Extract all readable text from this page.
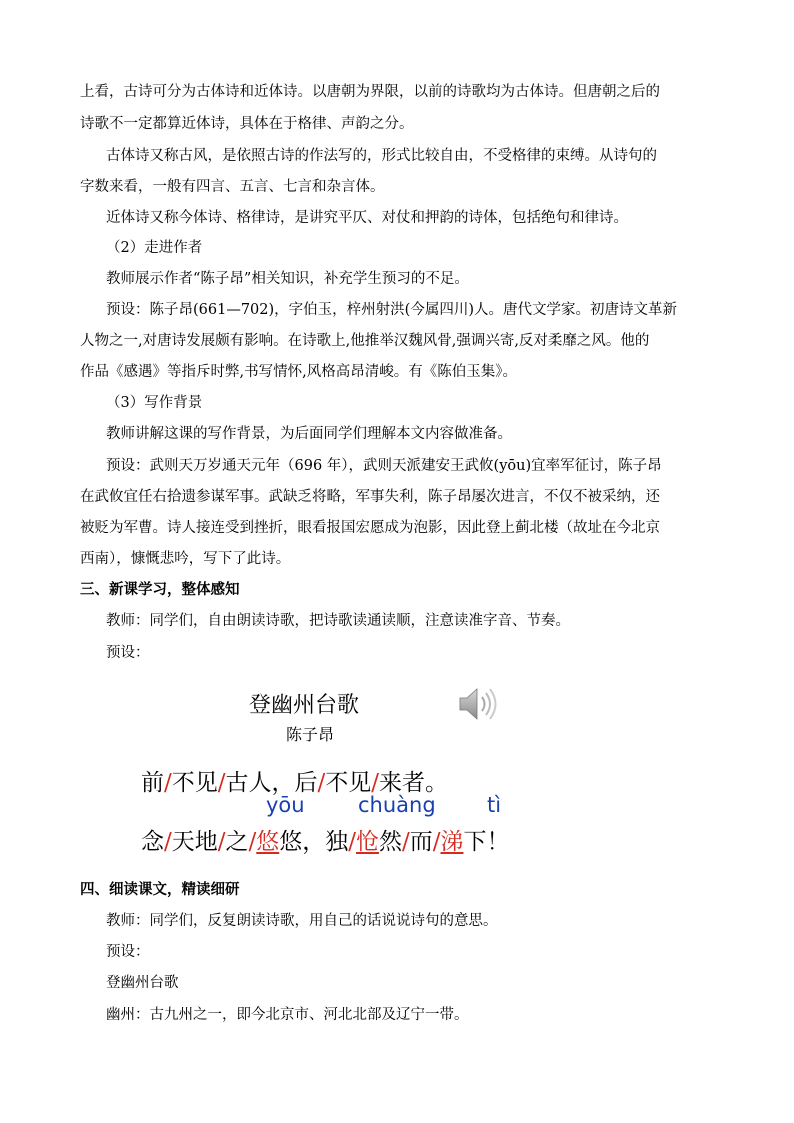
上看，古诗可分为古体诗和近体诗。以唐朝为界限，以前的诗歌均为古体诗。但唐朝之后的
诗歌不一定都算近体诗，具体在于格律、声韵之分。
古体诗又称古风，是依照古诗的作法写的，形式比较自由，不受格律的束缚。从诗句的
字数来看，一般有四言、五言、七言和杂言体。
近体诗又称今体诗、格律诗，是讲究平仄、对仗和押韵的诗体，包括绝句和律诗。
（2）走进作者
教师展示作者“陈子昂”相关知识，补充学生预习的不足。
预设：陈子昂(661—702)，字伯玉，梓州射洪(今属四川)人。唐代文学家。初唐诗文革新
人物之一,对唐诗发展颇有影响。在诗歌上,他推举汉魏风骨,强调兴寄,反对柔靡之风。他的
作品《感遇》等指斥时弊,书写情怀,风格高昂清峻。有《陈伯玉集》。
（3）写作背景
教师讲解这课的写作背景，为后面同学们理解本文内容做准备。
预设：武则天万岁通天元年（696 年），武则天派建安王武攸(yōu)宜率军征讨，陈子昂
在武攸宜任右拾遗参谋军事。武缺乏将略，军事失利，陈子昂屡次进言，不仅不被采纳，还
被贬为军曹。诗人接连受到挫折，眼看报国宏愿成为泡影，因此登上蓟北楼（故址在今北京
西南），慷慨悲吟，写下了此诗。
三、新课学习，整体感知
教师：同学们，自由朗读诗歌，把诗歌读通读顺，注意读准字音、节奏。
预设：
登幽州台歌
陈子昂
前/不见/古人，后/不见/来者。
yōu	chuàng tì
念/天地/之/悠悠，独/怆然/而/涕下！
四、细读课文，精读细研
教师：同学们，反复朗读诗歌，用自己的话说说诗句的意思。
预设：
登幽州台歌
幽州：古九州之一，即今北京市、河北北部及辽宁一带。
